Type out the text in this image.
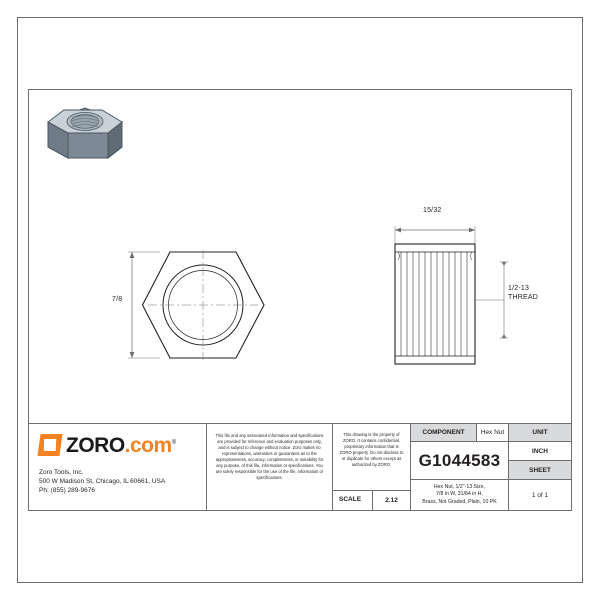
7/8
15/32
1/2-13
THREAD
ZORO.com®
Zoro Tools, Inc.
500 W Madison St, Chicago, IL 60661, USA
Ph: (855) 289-9676
This file and any associated information and specifications are provided for reference and evaluation purposes only, and is subject to change without notice. Zoro makes no representations, warranties or guarantees as to the appropriateness, accuracy, completeness, or suitability for any purpose, of this file, information or specifications. You are solely responsible for the use of the file, information or specifications.
This drawing is the property of ZORO. It contains confidential, proprietary information that is ZORO property. Do not disclose to or duplicate for others except as authorized by ZORO.
SCALE	2.12
COMPONENT	Hex Nut	UNIT
G1044583	INCH
SHEET
Hex Nut, 1/2"-13 Size,
7/8 in W, 31/64 in H,
Brass, Not Graded, Plain, 10 PK
1 of 1
